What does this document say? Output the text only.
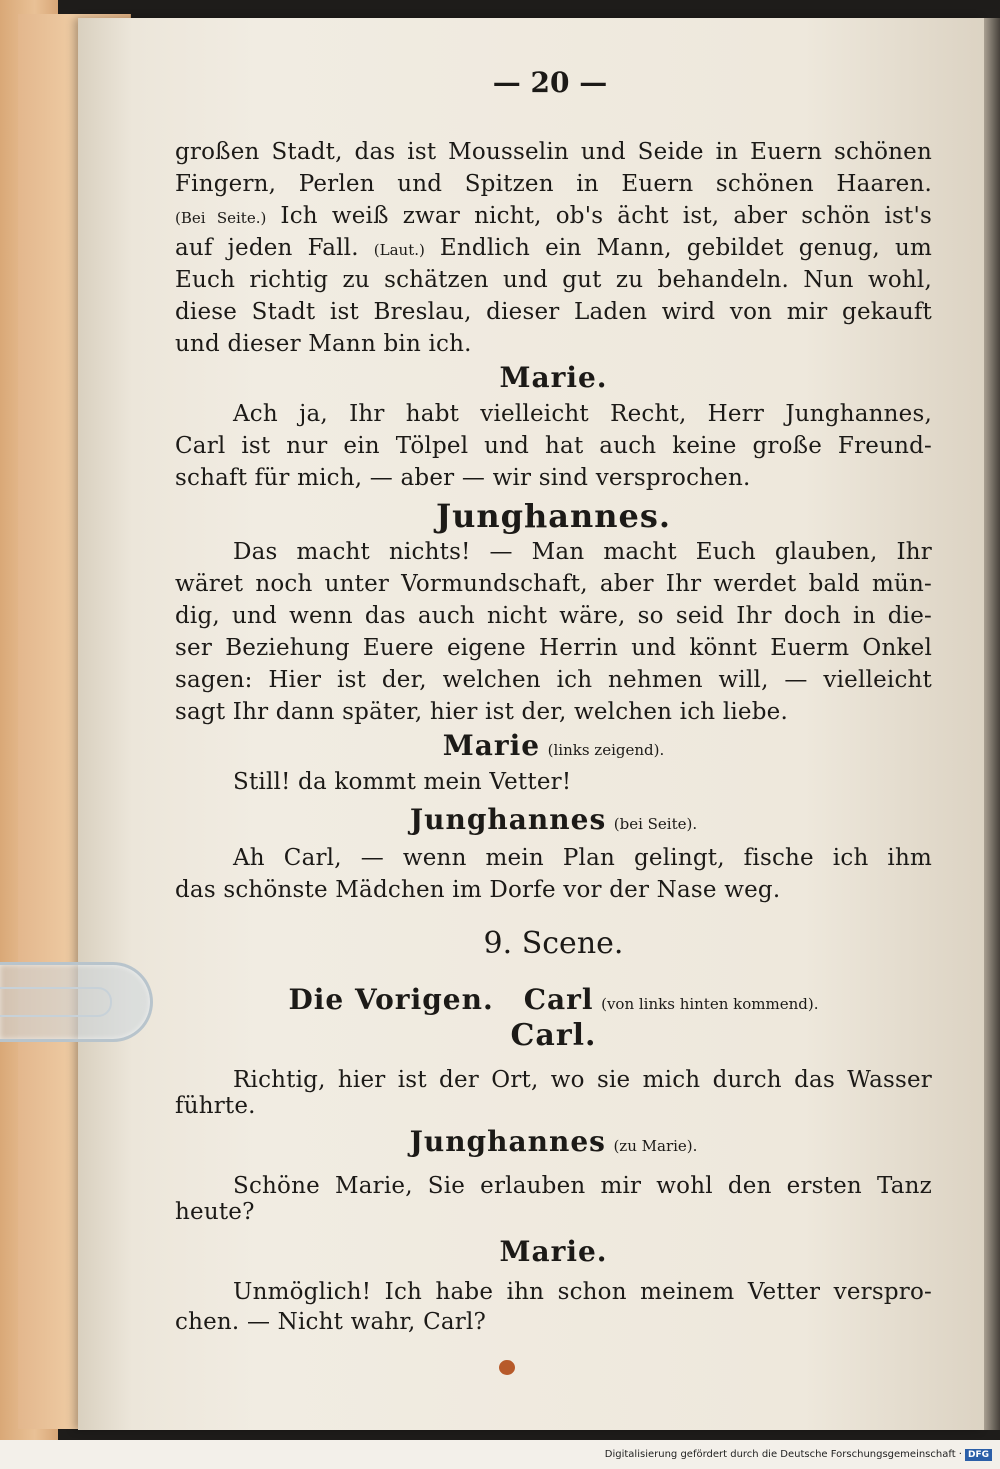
— 20 —
großen Stadt, das ist Mousselin und Seide in Euern schönen
Fingern, Perlen und Spitzen in Euern schönen Haaren.
(Bei Seite.) Ich weiß zwar nicht, ob's ächt ist, aber schön ist's
auf jeden Fall. (Laut.) Endlich ein Mann, gebildet genug, um
Euch richtig zu schätzen und gut zu behandeln. Nun wohl,
diese Stadt ist Breslau, dieser Laden wird von mir gekauft
und dieser Mann bin ich.
Marie.
Ach ja, Ihr habt vielleicht Recht, Herr Junghannes,
Carl ist nur ein Tölpel und hat auch keine große Freund-
schaft für mich, — aber — wir sind versprochen.
Junghannes.
Das macht nichts! — Man macht Euch glauben, Ihr
wäret noch unter Vormundschaft, aber Ihr werdet bald mün-
dig, und wenn das auch nicht wäre, so seid Ihr doch in die-
ser Beziehung Euere eigene Herrin und könnt Euerm Onkel
sagen: Hier ist der, welchen ich nehmen will, — vielleicht
sagt Ihr dann später, hier ist der, welchen ich liebe.
Marie (links zeigend).
Still! da kommt mein Vetter!
Junghannes (bei Seite).
Ah Carl, — wenn mein Plan gelingt, fische ich ihm
das schönste Mädchen im Dorfe vor der Nase weg.
9. Scene.
Die Vorigen. Carl (von links hinten kommend).
Carl.
Richtig, hier ist der Ort, wo sie mich durch das Wasser
führte.
Junghannes (zu Marie).
Schöne Marie, Sie erlauben mir wohl den ersten Tanz
heute?
Marie.
Unmöglich! Ich habe ihn schon meinem Vetter verspro-
chen. — Nicht wahr, Carl?
Digitalisierung gefördert durch die Deutsche Forschungsgemeinschaft · DFG
